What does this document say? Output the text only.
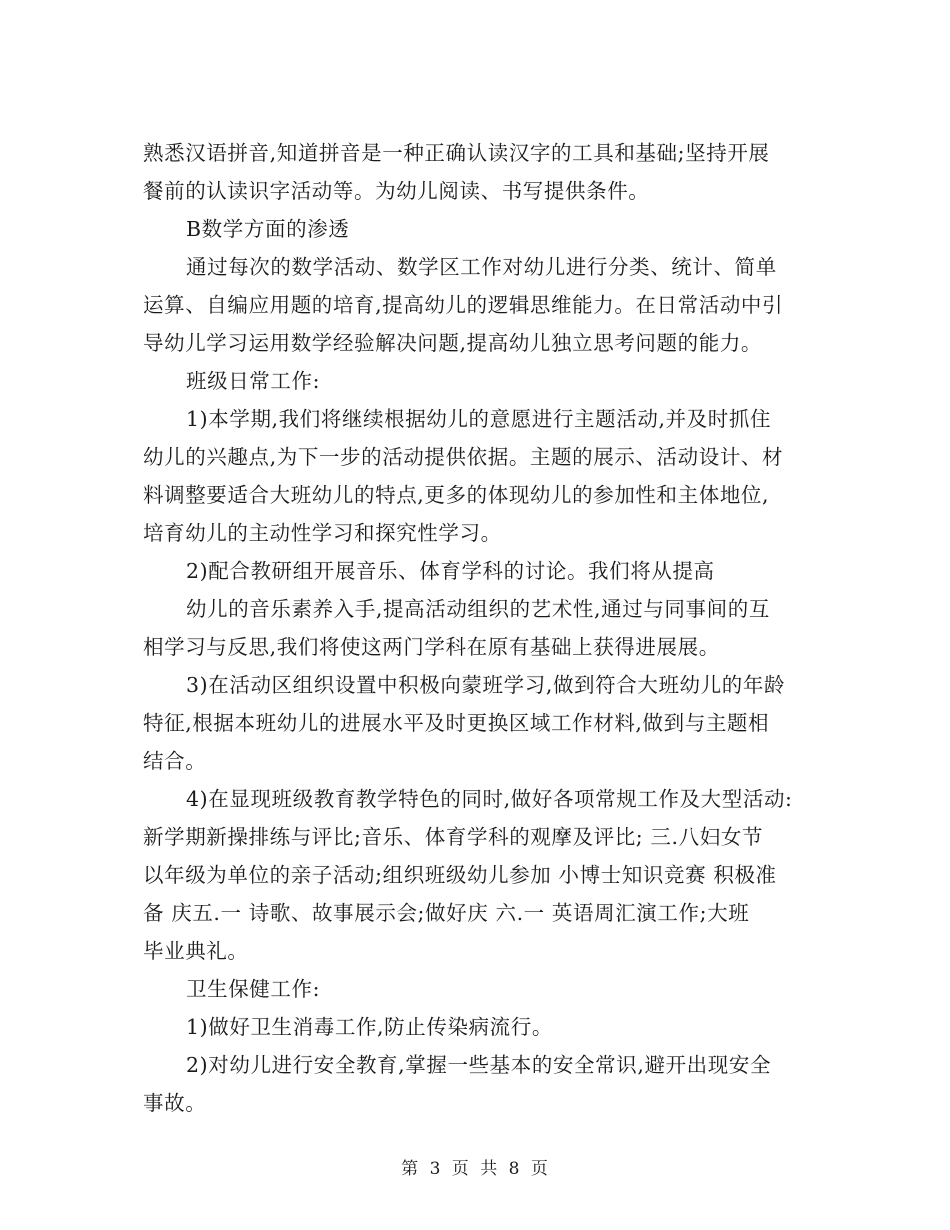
熟悉汉语拼音,知道拼音是一种正确认读汉字的工具和基础;坚持开展
餐前的认读识字活动等。为幼儿阅读、书写提供条件。
B数学方面的渗透
通过每次的数学活动、数学区工作对幼儿进行分类、统计、简单
运算、自编应用题的培育,提高幼儿的逻辑思维能力。在日常活动中引
导幼儿学习运用数学经验解决问题,提高幼儿独立思考问题的能力。
班级日常工作:
1)本学期,我们将继续根据幼儿的意愿进行主题活动,并及时抓住
幼儿的兴趣点,为下一步的活动提供依据。主题的展示、活动设计、材
料调整要适合大班幼儿的特点,更多的体现幼儿的参加性和主体地位,
培育幼儿的主动性学习和探究性学习。
2)配合教研组开展音乐、体育学科的讨论。我们将从提高
幼儿的音乐素养入手,提高活动组织的艺术性,通过与同事间的互
相学习与反思,我们将使这两门学科在原有基础上获得进展展。
3)在活动区组织设置中积极向蒙班学习,做到符合大班幼儿的年龄
特征,根据本班幼儿的进展水平及时更换区域工作材料,做到与主题相
结合。
4)在显现班级教育教学特色的同时,做好各项常规工作及大型活动:
新学期新操排练与评比;音乐、体育学科的观摩及评比; 三.八妇女节
以年级为单位的亲子活动;组织班级幼儿参加 小博士知识竞赛 积极准
备 庆五.一 诗歌、故事展示会;做好庆 六.一 英语周汇演工作;大班
毕业典礼。
卫生保健工作:
1)做好卫生消毒工作,防止传染病流行。
2)对幼儿进行安全教育,掌握一些基本的安全常识,避开出现安全
事故。
第 3 页 共 8 页
